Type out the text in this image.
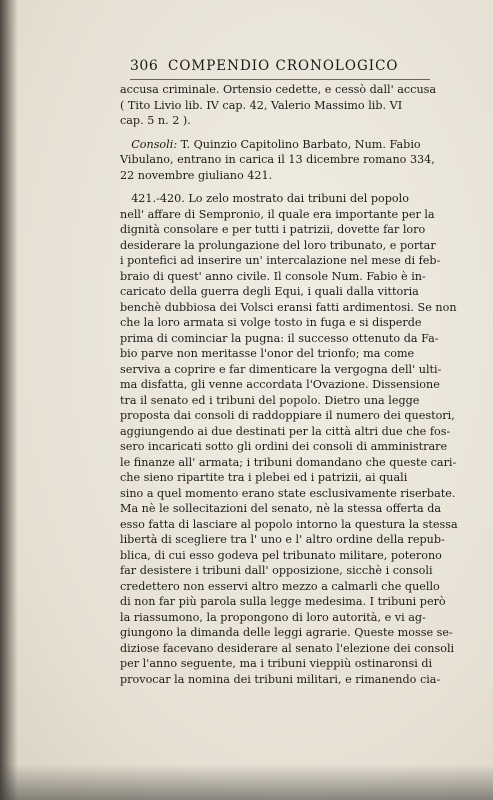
306 COMPENDIO CRONOLOGICO

accusa criminale. Ortensio cedette, e cessò dall' accusa
( Tito Livio lib. IV cap. 42, Valerio Massimo lib. VI
cap. 5 n. 2 ).

 Consoli: T. Quinzio Capitolino Barbato, Num. Fabio
Vibulano, entrano in carica il 13 dicembre romano 334,
22 novembre giuliano 421.

 421.-420. Lo zelo mostrato dai tribuni del popolo
nell' affare di Sempronio, il quale era importante per la
dignità consolare e per tutti i patrizii, dovette far loro
desiderare la prolungazione del loro tribunato, e portar
i pontefici ad inserire un' intercalazione nel mese di feb-
braio di quest' anno civile. Il console Num. Fabio è in-
caricato della guerra degli Equi, i quali dalla vittoria
benchè dubbiosa dei Volsci eransi fatti ardimentosi. Se non
che la loro armata si volge tosto in fuga e si disperde
prima di cominciar la pugna: il successo ottenuto da Fa-
bio parve non meritasse l'onor del trionfo; ma come
serviva a coprire e far dimenticare la vergogna dell' ulti-
ma disfatta, gli venne accordata l'Ovazione. Dissensione
tra il senato ed i tribuni del popolo. Dietro una legge
proposta dai consoli di raddoppiare il numero dei questori,
aggiungendo ai due destinati per la città altri due che fos-
sero incaricati sotto gli ordini dei consoli di amministrare
le finanze all' armata; i tribuni domandano che queste cari-
che sieno ripartite tra i plebei ed i patrizii, ai quali
sino a quel momento erano state esclusivamente riserbate.
Ma nè le sollecitazioni del senato, nè la stessa offerta da
esso fatta di lasciare al popolo intorno la questura la stessa
libertà di scegliere tra l' uno e l' altro ordine della repub-
blica, di cui esso godeva pel tribunato militare, poterono
far desistere i tribuni dall' opposizione, sicchè i consoli
credettero non esservi altro mezzo a calmarli che quello
di non far più parola sulla legge medesima. I tribuni però
la riassumono, la propongono di loro autorità, e vi ag-
giungono la dimanda delle leggi agrarie. Queste mosse se-
diziose facevano desiderare al senato l'elezione dei consoli
per l'anno seguente, ma i tribuni vieppiù ostinaronsi di
provocar la nomina dei tribuni militari, e rimanendo cia-
